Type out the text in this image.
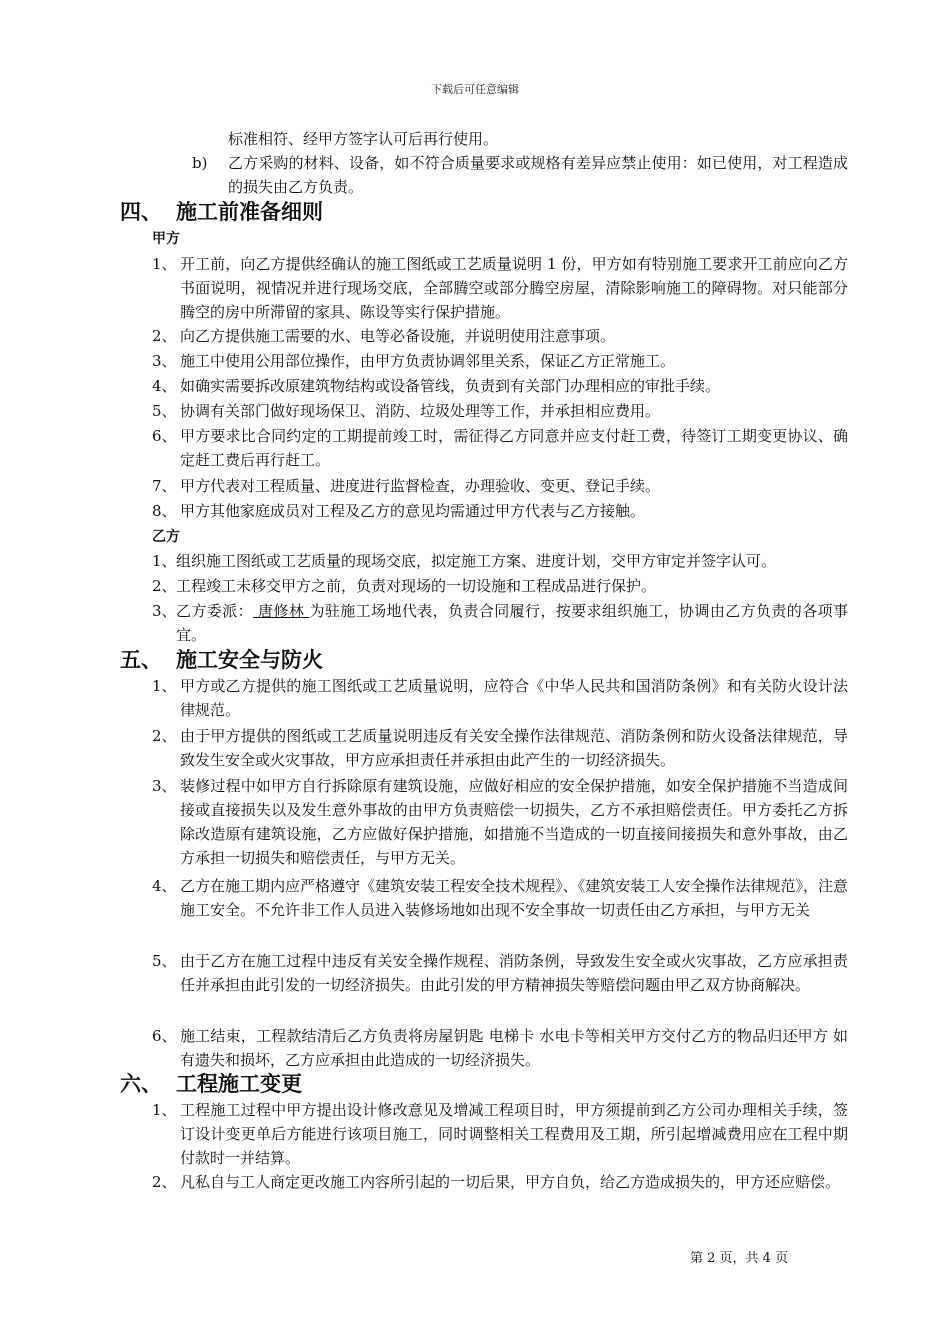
下载后可任意编辑
标准相符、经甲方签字认可后再行使用。
b) 乙方采购的材料、设备，如不符合质量要求或规格有差异应禁止使用：如已使用，对工程造成的损失由乙方负责。
四、 施工前准备细则
甲方
1、 开工前，向乙方提供经确认的施工图纸或工艺质量说明 1 份，甲方如有特别施工要求开工前应向乙方书面说明，视情况并进行现场交底，全部腾空或部分腾空房屋，清除影响施工的障碍物。对只能部分腾空的房中所滞留的家具、陈设等实行保护措施。
2、 向乙方提供施工需要的水、电等必备设施，并说明使用注意事项。
3、 施工中使用公用部位操作，由甲方负责协调邻里关系，保证乙方正常施工。
4、 如确实需要拆改原建筑物结构或设备管线，负责到有关部门办理相应的审批手续。
5、 协调有关部门做好现场保卫、消防、垃圾处理等工作，并承担相应费用。
6、 甲方要求比合同约定的工期提前竣工时，需征得乙方同意并应支付赶工费，待签订工期变更协议、确定赶工费后再行赶工。
7、 甲方代表对工程质量、进度进行监督检查，办理验收、变更、登记手续。
8、 甲方其他家庭成员对工程及乙方的意见均需通过甲方代表与乙方接触。
乙方
1、 组织施工图纸或工艺质量的现场交底，拟定施工方案、进度计划，交甲方审定并签字认可。
2、 工程竣工未移交甲方之前，负责对现场的一切设施和工程成品进行保护。
3、 乙方委派： 唐修林 为驻施工场地代表，负责合同履行，按要求组织施工，协调由乙方负责的各项事宜。
五、 施工安全与防火
1、 甲方或乙方提供的施工图纸或工艺质量说明，应符合《中华人民共和国消防条例》和有关防火设计法律规范。
2、 由于甲方提供的图纸或工艺质量说明违反有关安全操作法律规范、消防条例和防火设备法律规范，导致发生安全或火灾事故，甲方应承担责任并承担由此产生的一切经济损失。
3、 装修过程中如甲方自行拆除原有建筑设施，应做好相应的安全保护措施，如安全保护措施不当造成间接或直接损失以及发生意外事故的由甲方负责赔偿一切损失，乙方不承担赔偿责任。甲方委托乙方拆除改造原有建筑设施，乙方应做好保护措施，如措施不当造成的一切直接间接损失和意外事故，由乙方承担一切损失和赔偿责任，与甲方无关。
4、 乙方在施工期内应严格遵守《建筑安装工程安全技术规程》、《建筑安装工人安全操作法律规范》，注意施工安全。不允许非工作人员进入装修场地如出现不安全事故一切责任由乙方承担，与甲方无关
5、 由于乙方在施工过程中违反有关安全操作规程、消防条例，导致发生安全或火灾事故，乙方应承担责任并承担由此引发的一切经济损失。由此引发的甲方精神损失等赔偿问题由甲乙双方协商解决。
6、 施工结束，工程款结清后乙方负责将房屋钥匙 电梯卡 水电卡等相关甲方交付乙方的物品归还甲方 如有遗失和损坏，乙方应承担由此造成的一切经济损失。
六、 工程施工变更
1、 工程施工过程中甲方提出设计修改意见及增减工程项目时，甲方须提前到乙方公司办理相关手续，签订设计变更单后方能进行该项目施工，同时调整相关工程费用及工期，所引起增减费用应在工程中期付款时一并结算。
2、 凡私自与工人商定更改施工内容所引起的一切后果，甲方自负，给乙方造成损失的，甲方还应赔偿。
第 2 页，共 4 页
